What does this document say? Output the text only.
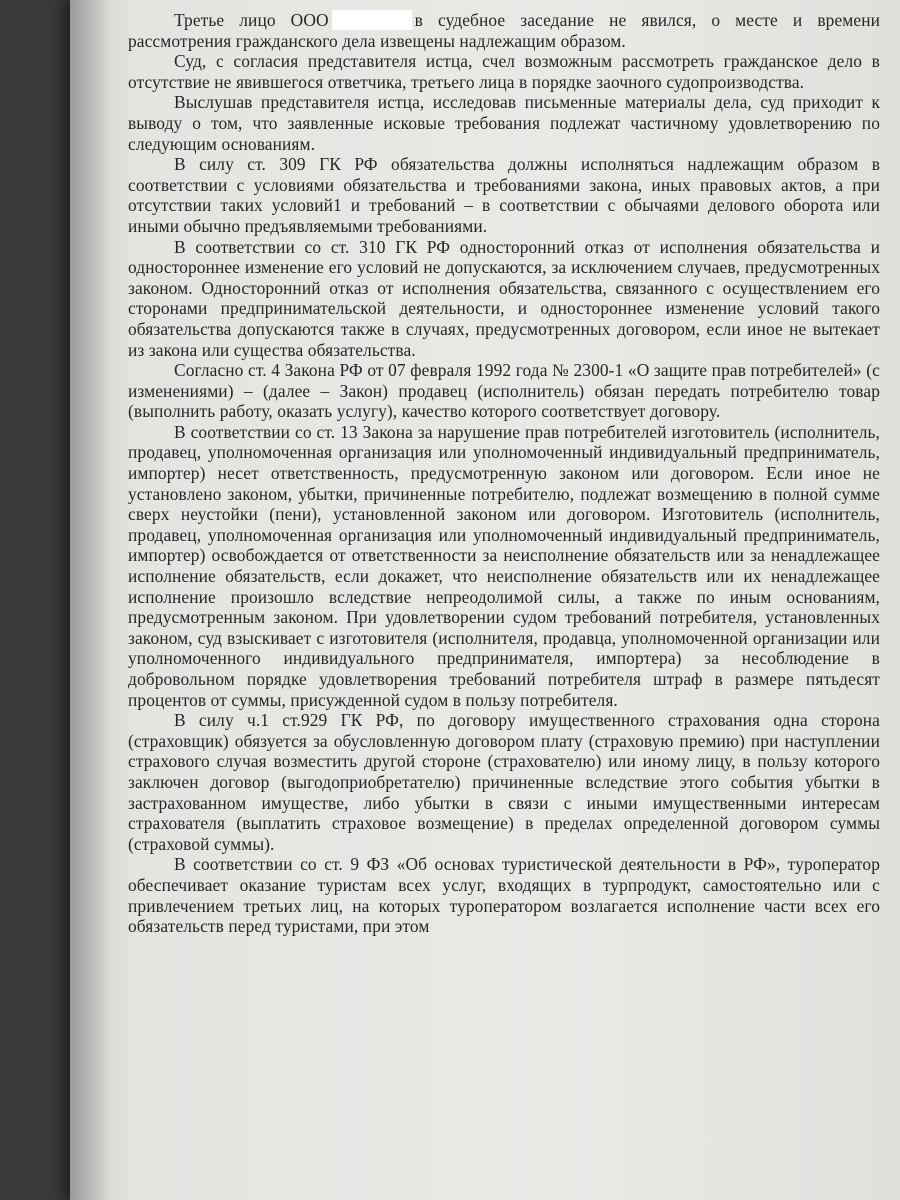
Третье лицо ООО	в судебное заседание не явился, о месте и времени рассмотрения гражданского дела извещены надлежащим образом.

Суд, с согласия представителя истца, счел возможным рассмотреть гражданское дело в отсутствие не явившегося ответчика, третьего лица в порядке заочного судопроизводства.

Выслушав представителя истца, исследовав письменные материалы дела, суд приходит к выводу о том, что заявленные исковые требования подлежат частичному удовлетворению по следующим основаниям.

В силу ст. 309 ГК РФ обязательства должны исполняться надлежащим образом в соответствии с условиями обязательства и требованиями закона, иных правовых актов, а при отсутствии таких условий1 и требований – в соответствии с обычаями делового оборота или иными обычно предъявляемыми требованиями.

В соответствии со ст. 310 ГК РФ односторонний отказ от исполнения обязательства и одностороннее изменение его условий не допускаются, за исключением случаев, предусмотренных законом. Односторонний отказ от исполнения обязательства, связанного с осуществлением его сторонами предпринимательской деятельности, и одностороннее изменение условий такого обязательства допускаются также в случаях, предусмотренных договором, если иное не вытекает из закона или существа обязательства.

Согласно ст. 4 Закона РФ от 07 февраля 1992 года № 2300-1 «О защите прав потребителей» (с изменениями) – (далее – Закон) продавец (исполнитель) обязан передать потребителю товар (выполнить работу, оказать услугу), качество которого соответствует договору.

В соответствии со ст. 13 Закона за нарушение прав потребителей изготовитель (исполнитель, продавец, уполномоченная организация или уполномоченный индивидуальный предприниматель, импортер) несет ответственность, предусмотренную законом или договором. Если иное не установлено законом, убытки, причиненные потребителю, подлежат возмещению в полной сумме сверх неустойки (пени), установленной законом или договором. Изготовитель (исполнитель, продавец, уполномоченная организация или уполномоченный индивидуальный предприниматель, импортер) освобождается от ответственности за неисполнение обязательств или за ненадлежащее исполнение обязательств, если докажет, что неисполнение обязательств или их ненадлежащее исполнение произошло вследствие непреодолимой силы, а также по иным основаниям, предусмотренным законом. При удовлетворении судом требований потребителя, установленных законом, суд взыскивает с изготовителя (исполнителя, продавца, уполномоченной организации или уполномоченного индивидуального предпринимателя, импортера) за несоблюдение в добровольном порядке удовлетворения требований потребителя штраф в размере пятьдесят процентов от суммы, присужденной судом в пользу потребителя.

В силу ч.1 ст.929 ГК РФ, по договору имущественного страхования одна сторона (страховщик) обязуется за обусловленную договором плату (страховую премию) при наступлении страхового случая возместить другой стороне (страхователю) или иному лицу, в пользу которого заключен договор (выгодоприобретателю) причиненные вследствие этого события убытки в застрахованном имуществе, либо убытки в связи с иными имущественными интересам страхователя (выплатить страховое возмещение) в пределах определенной договором суммы (страховой суммы).

В соответствии со ст. 9 ФЗ «Об основах туристической деятельности в РФ», туроператор обеспечивает оказание туристам всех услуг, входящих в турпродукт, самостоятельно или с привлечением третьих лиц, на которых туроператором возлагается исполнение части всех его обязательств перед туристами, при этом
